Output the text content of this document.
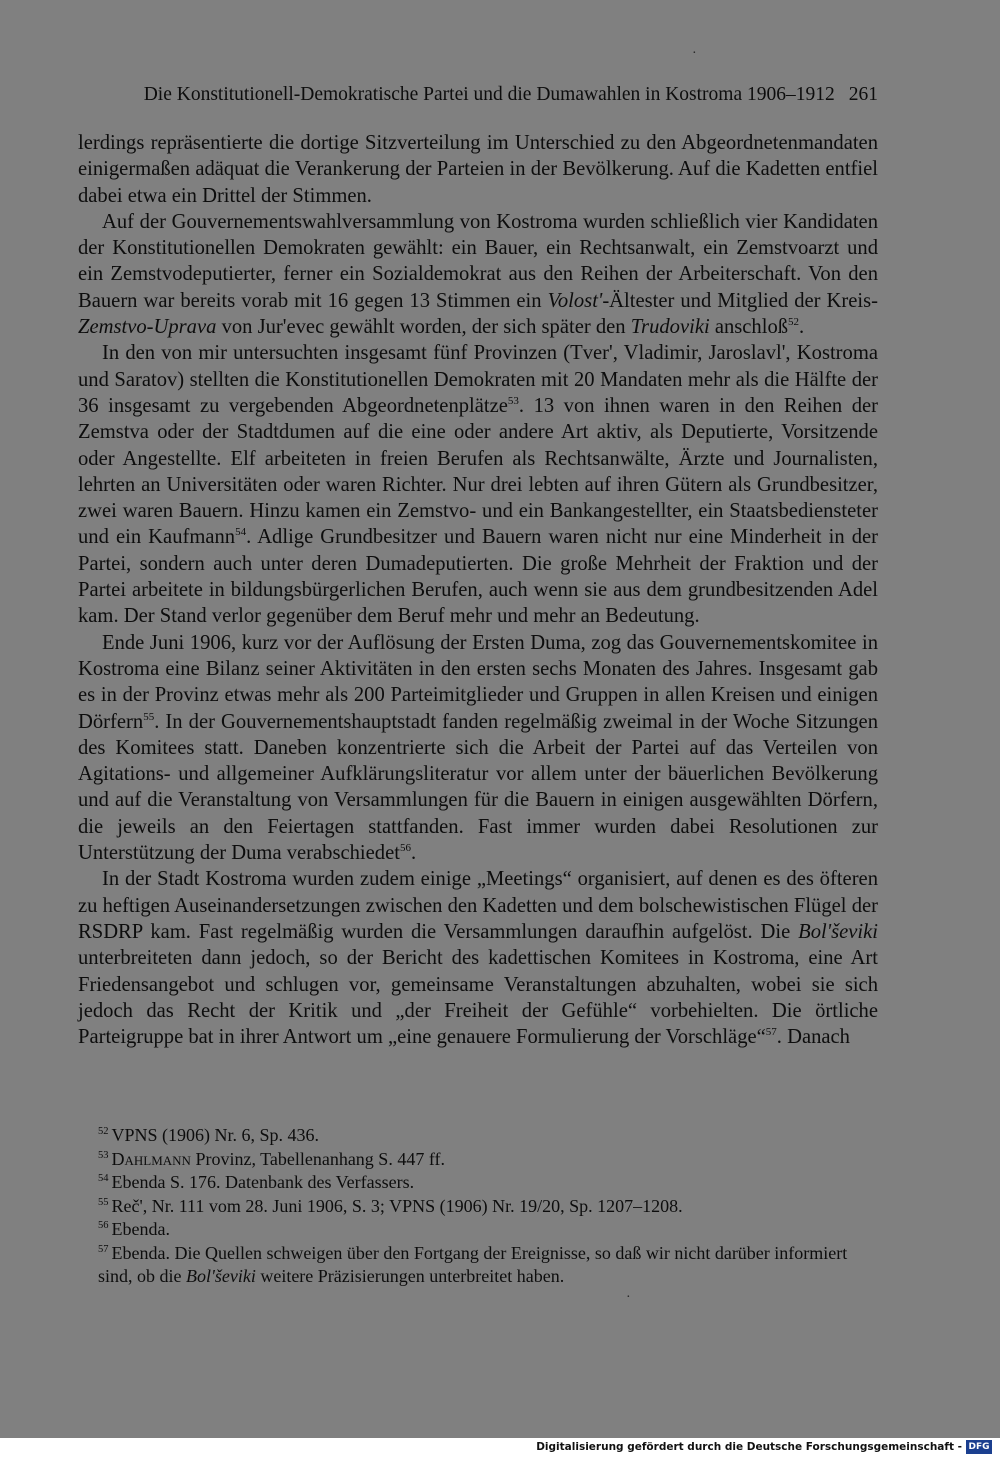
·
Die Konstitutionell-Demokratische Partei und die Dumawahlen in Kostroma 1906–1912 261

lerdings repräsentierte die dortige Sitzverteilung im Unterschied zu den Abgeordnetenmandaten einigermaßen adäquat die Verankerung der Parteien in der Bevölkerung. Auf die Kadetten entfiel dabei etwa ein Drittel der Stimmen.

Auf der Gouvernementswahlversammlung von Kostroma wurden schließlich vier Kandidaten der Konstitutionellen Demokraten gewählt: ein Bauer, ein Rechtsanwalt, ein Zemstvoarzt und ein Zemstvodeputierter, ferner ein Sozialdemokrat aus den Reihen der Arbeiterschaft. Von den Bauern war bereits vorab mit 16 gegen 13 Stimmen ein Volost'-Ältester und Mitglied der Kreis-Zemstvo-Uprava von Jur'evec gewählt worden, der sich später den Trudoviki anschloß$^{52}$.

In den von mir untersuchten insgesamt fünf Provinzen (Tver', Vladimir, Jaroslavl', Kostroma und Saratov) stellten die Konstitutionellen Demokraten mit 20 Mandaten mehr als die Hälfte der 36 insgesamt zu vergebenden Abgeordnetenplätze$^{53}$. 13 von ihnen waren in den Reihen der Zemstva oder der Stadtdumen auf die eine oder andere Art aktiv, als Deputierte, Vorsitzende oder Angestellte. Elf arbeiteten in freien Berufen als Rechtsanwälte, Ärzte und Journalisten, lehrten an Universitäten oder waren Richter. Nur drei lebten auf ihren Gütern als Grundbesitzer, zwei waren Bauern. Hinzu kamen ein Zemstvo- und ein Bankangestellter, ein Staatsbediensteter und ein Kaufmann$^{54}$. Adlige Grundbesitzer und Bauern waren nicht nur eine Minderheit in der Partei, sondern auch unter deren Dumadeputierten. Die große Mehrheit der Fraktion und der Partei arbeitete in bildungsbürgerlichen Berufen, auch wenn sie aus dem grundbesitzenden Adel kam. Der Stand verlor gegenüber dem Beruf mehr und mehr an Bedeutung.

Ende Juni 1906, kurz vor der Auflösung der Ersten Duma, zog das Gouvernementskomitee in Kostroma eine Bilanz seiner Aktivitäten in den ersten sechs Monaten des Jahres. Insgesamt gab es in der Provinz etwas mehr als 200 Parteimitglieder und Gruppen in allen Kreisen und einigen Dörfern$^{55}$. In der Gouvernementshauptstadt fanden regelmäßig zweimal in der Woche Sitzungen des Komitees statt. Daneben konzentrierte sich die Arbeit der Partei auf das Verteilen von Agitations- und allgemeiner Aufklärungsliteratur vor allem unter der bäuerlichen Bevölkerung und auf die Veranstaltung von Versammlungen für die Bauern in einigen ausgewählten Dörfern, die jeweils an den Feiertagen stattfanden. Fast immer wurden dabei Resolutionen zur Unterstützung der Duma verabschiedet$^{56}$.

In der Stadt Kostroma wurden zudem einige „Meetings“ organisiert, auf denen es des öfteren zu heftigen Auseinandersetzungen zwischen den Kadetten und dem bolschewistischen Flügel der RSDRP kam. Fast regelmäßig wurden die Versammlungen daraufhin aufgelöst. Die Bol'ševiki unterbreiteten dann jedoch, so der Bericht des kadettischen Komitees in Kostroma, eine Art Friedensangebot und schlugen vor, gemeinsame Veranstaltungen abzuhalten, wobei sie sich jedoch das Recht der Kritik und „der Freiheit der Gefühle“ vorbehielten. Die örtliche Parteigruppe bat in ihrer Antwort um „eine genauere Formulierung der Vorschläge“$^{57}$. Danach

$^{52}$ VPNS (1906) Nr. 6, Sp. 436.
$^{53}$ Dahlmann Provinz, Tabellenanhang S. 447 ff.
$^{54}$ Ebenda S. 176. Datenbank des Verfassers.
$^{55}$ Reč', Nr. 111 vom 28. Juni 1906, S. 3; VPNS (1906) Nr. 19/20, Sp. 1207–1208.
$^{56}$ Ebenda.
$^{57}$ Ebenda. Die Quellen schweigen über den Fortgang der Ereignisse, so daß wir nicht darüber informiert sind, ob die Bol'ševiki weitere Präzisierungen unterbreitet haben.
·
Digitalisierung gefördert durch die Deutsche Forschungsgemeinschaft - DFG
